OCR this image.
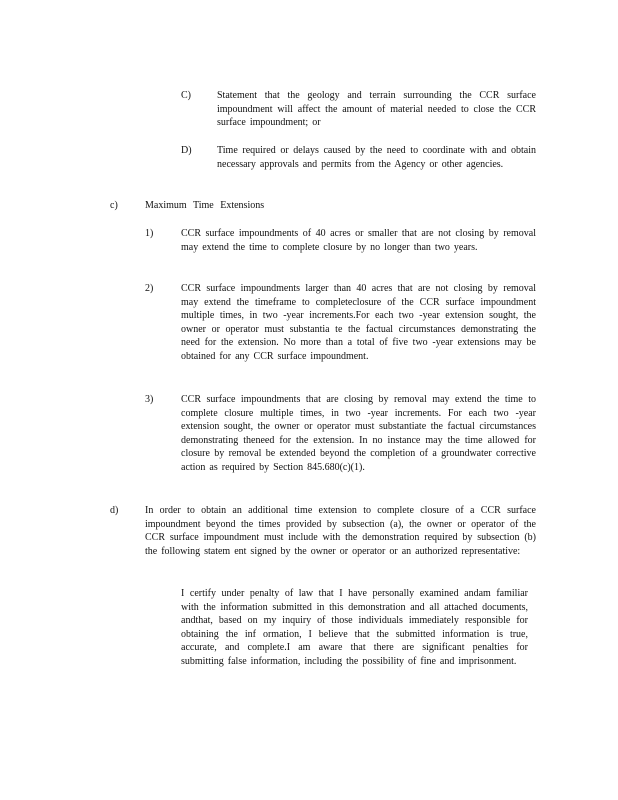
C)	Statement that the geology and terrain surrounding the CCR surface impoundment will affect the amount of material needed to close the CCR surface impoundment; or
D)	Time required or delays caused by the need to coordinate with and obtain necessary approvals and permits from the Agency or other agencies.
c)	Maximum Time Extensions
1)	CCR surface impoundments of 40 acres or smaller that are not closing by removal may extend the time to complete closure by no longer than two years.
2)	CCR surface impoundments larger than 40 acres that are not closing by removal may extend the timeframe to completeclosure of the CCR surface impoundment multiple times, in two -year increments.For each two -year extension sought, the owner or operator must substantia te the factual circumstances demonstrating the need for the extension. No more than a total of five two -year extensions may be obtained for any CCR surface impoundment.
3)	CCR surface impoundments that are closing by removal may extend the time to complete closure multiple times, in two -year increments. For each two -year extension sought, the owner or operator must substantiate the factual circumstances demonstrating theneed for the extension. In no instance may the time allowed for closure by removal be extended beyond the completion of a groundwater corrective action as required by Section 845.680(c)(1).
d)	In order to obtain an additional time extension to complete closure of a CCR surface impoundment beyond the times provided by subsection (a), the owner or operator of the CCR surface impoundment must include with the demonstration required by subsection (b) the following statem ent signed by the owner or operator or an authorized representative:
I certify under penalty of law that I have personally examined andam familiar with the information submitted in this demonstration and all attached documents, andthat, based on my inquiry of those individuals immediately responsible for obtaining the inf ormation, I believe that the submitted information is true, accurate, and complete.I am aware that there are significant penalties for submitting false information, including the possibility of fine and imprisonment.
